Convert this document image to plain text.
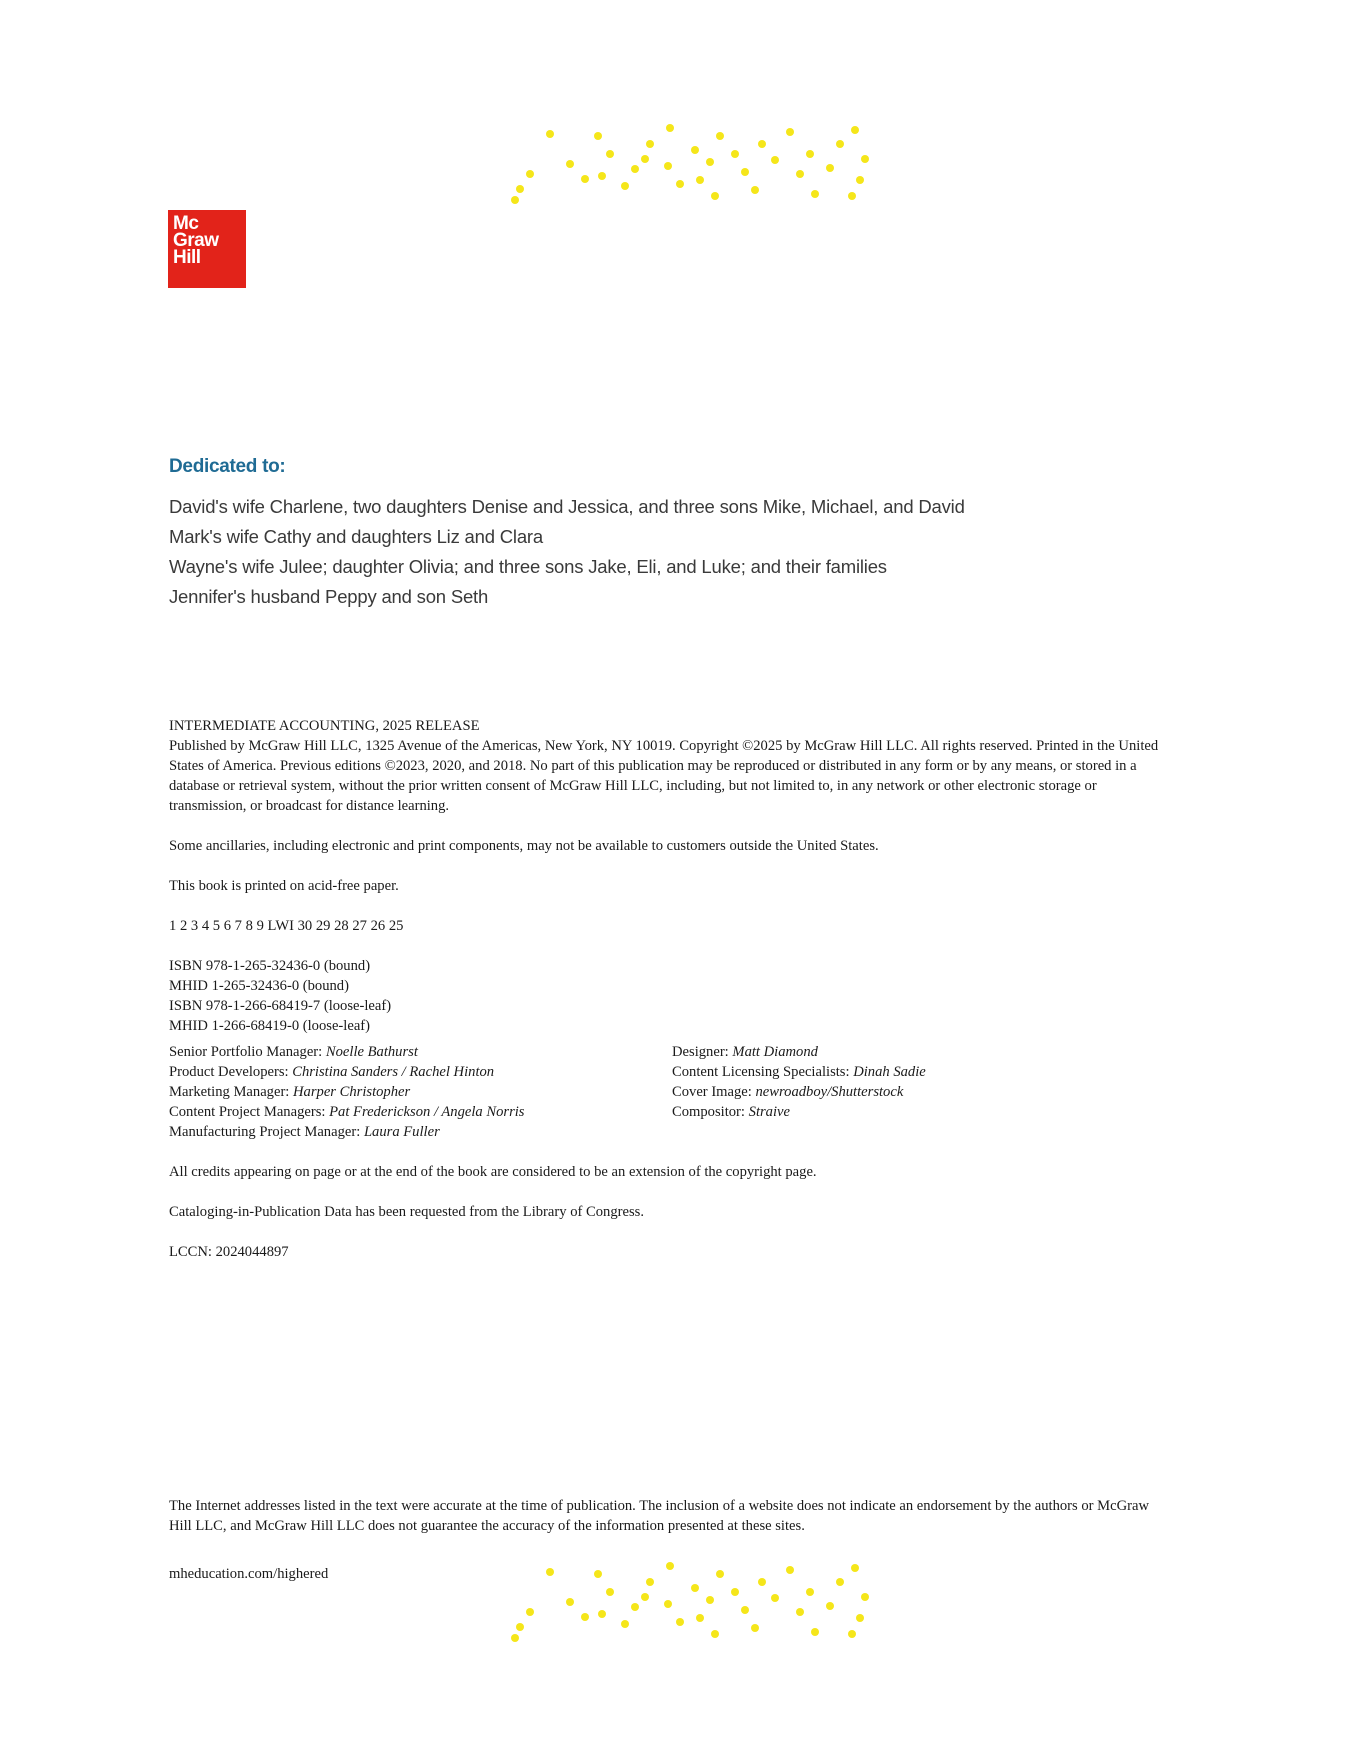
Mc
Graw
Hill
Dedicated to:

David's wife Charlene, two daughters Denise and Jessica, and three sons Mike, Michael, and David

Mark's wife Cathy and daughters Liz and Clara

Wayne's wife Julee; daughter Olivia; and three sons Jake, Eli, and Luke; and their families

Jennifer's husband Peppy and son Seth

INTERMEDIATE ACCOUNTING, 2025 RELEASE

Published by McGraw Hill LLC, 1325 Avenue of the Americas, New York, NY 10019. Copyright ©2025 by McGraw Hill LLC. All rights reserved. Printed in the United States of America. Previous editions ©2023, 2020, and 2018. No part of this publication may be reproduced or distributed in any form or by any means, or stored in a database or retrieval system, without the prior written consent of McGraw Hill LLC, including, but not limited to, in any network or other electronic storage or transmission, or broadcast for distance learning.

Some ancillaries, including electronic and print components, may not be available to customers outside the United States.

This book is printed on acid-free paper.

1 2 3 4 5 6 7 8 9 LWI 30 29 28 27 26 25

ISBN 978-1-265-32436-0 (bound)

MHID 1-265-32436-0 (bound)

ISBN 978-1-266-68419-7 (loose-leaf)

MHID 1-266-68419-0 (loose-leaf)

Senior Portfolio Manager: Noelle Bathurst
Product Developers: Christina Sanders / Rachel Hinton
Marketing Manager: Harper Christopher
Content Project Managers: Pat Frederickson / Angela Norris
Manufacturing Project Manager: Laura Fuller
Designer: Matt Diamond
Content Licensing Specialists: Dinah Sadie
Cover Image: newroadboy/Shutterstock
Compositor: Straive

All credits appearing on page or at the end of the book are considered to be an extension of the copyright page.

Cataloging-in-Publication Data has been requested from the Library of Congress.

LCCN: 2024044897

The Internet addresses listed in the text were accurate at the time of publication. The inclusion of a website does not indicate an endorsement by the authors or McGraw Hill LLC, and McGraw Hill LLC does not guarantee the accuracy of the information presented at these sites.

mheducation.com/highered
